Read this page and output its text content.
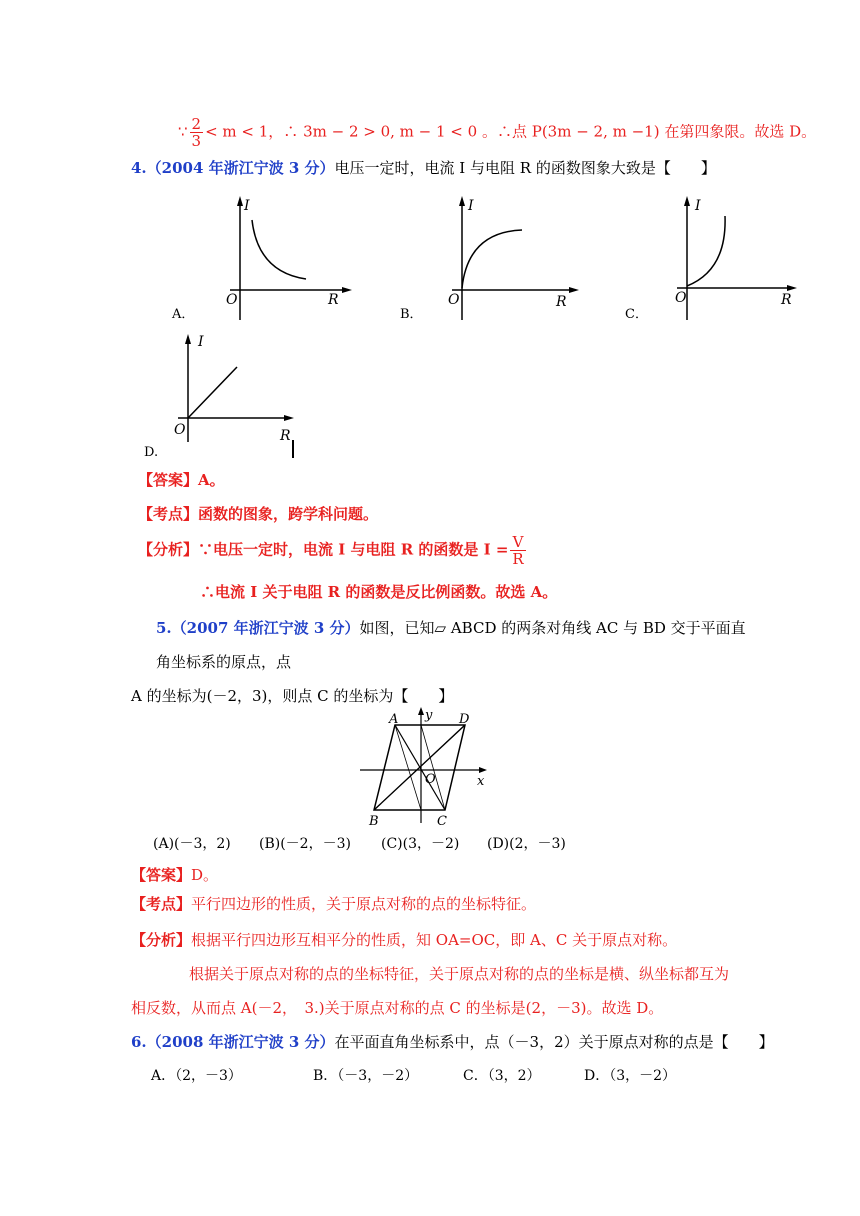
∵ $\frac{2}{3} < m < 1$，∴ 3m − 2 > 0, m − 1 < 0 。∴点 P(3m − 2, m −1) 在第四象限。故选 D。
4.（2004 年浙江宁波 3 分）电压一定时，电流 I 与电阻 R 的函数图象大致是【　　】
I
O	R
A．
I
O	R
B．
I
O	R
C．
I
O	R
D.
【答案】A。
【考点】函数的图象，跨学科问题。
【分析】∵电压一定时，电流 I 与电阻 R 的函数是 $I = \frac{V}{R}$
∴电流 I 关于电阻 R 的函数是反比例函数。故选 A。
5.（2007 年浙江宁波 3 分）如图，已知▱ ABCD 的两条对角线 AC 与 BD 交于平面直
角坐标系的原点，点
A 的坐标为(－2，3)，则点 C 的坐标为【　　】
A	D
B	C
O	x
y
(A)(－3，2) (B)(－2，－3) (C)(3，－2) (D)(2，－3)
【答案】D。
【考点】平行四边形的性质，关于原点对称的点的坐标特征。
【分析】根据平行四边形互相平分的性质，知 OA=OC，即 A、C 关于原点对称。
根据关于原点对称的点的坐标特征，关于原点对称的点的坐标是横、纵坐标都互为
相反数，从而点 A(－2，　3.)关于原点对称的点 C 的坐标是(2，－3)。故选 D。
6.（2008 年浙江宁波 3 分）在平面直角坐标系中，点（－3，2）关于原点对称的点是【　　】
A．（2，－3）	B．（－3，－2）	C．（3，2）	D．（3，－2）
